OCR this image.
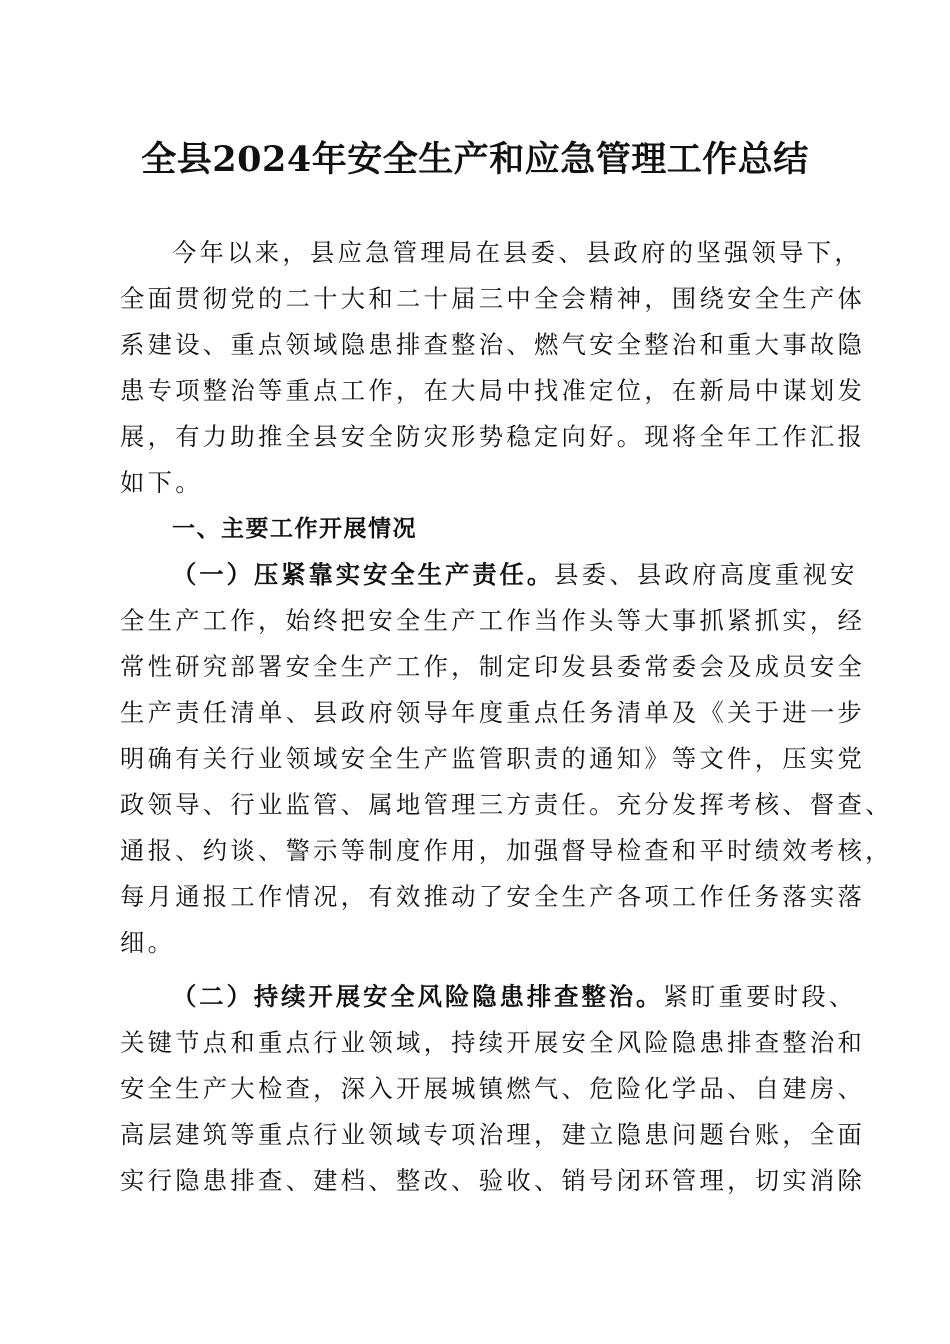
全县2024年安全生产和应急管理工作总结
今年以来，县应急管理局在县委、县政府的坚强领导下，
全面贯彻党的二十大和二十届三中全会精神，围绕安全生产体
系建设、重点领域隐患排查整治、燃气安全整治和重大事故隐
患专项整治等重点工作，在大局中找准定位，在新局中谋划发
展，有力助推全县安全防灾形势稳定向好。现将全年工作汇报
如下。
一、主要工作开展情况
（一）压紧靠实安全生产责任。县委、县政府高度重视安
全生产工作，始终把安全生产工作当作头等大事抓紧抓实，经
常性研究部署安全生产工作，制定印发县委常委会及成员安全
生产责任清单、县政府领导年度重点任务清单及《关于进一步
明确有关行业领域安全生产监管职责的通知》等文件，压实党
政领导、行业监管、属地管理三方责任。充分发挥考核、督查、
通报、约谈、警示等制度作用，加强督导检查和平时绩效考核，
每月通报工作情况，有效推动了安全生产各项工作任务落实落
细。
（二）持续开展安全风险隐患排查整治。紧盯重要时段、
关键节点和重点行业领域，持续开展安全风险隐患排查整治和
安全生产大检查，深入开展城镇燃气、危险化学品、自建房、
高层建筑等重点行业领域专项治理，建立隐患问题台账，全面
实行隐患排查、建档、整改、验收、销号闭环管理，切实消除
